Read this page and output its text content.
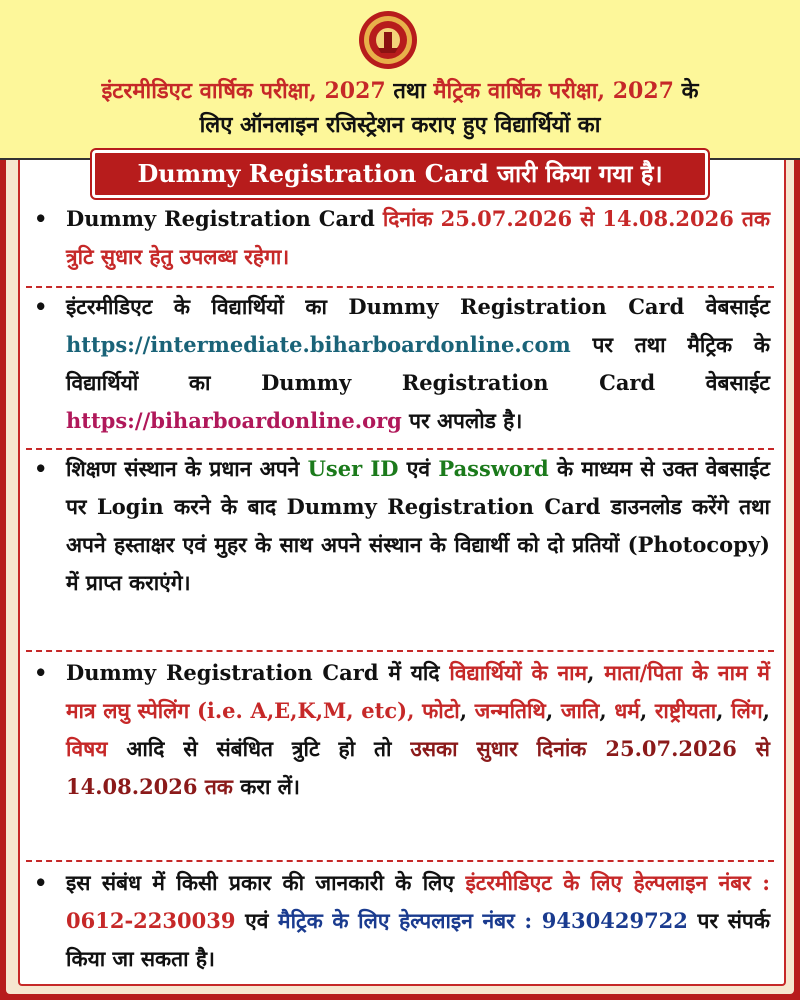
इंटरमीडिएट वार्षिक परीक्षा, 2027 तथा मैट्रिक वार्षिक परीक्षा, 2027 के
लिए ऑनलाइन रजिस्ट्रेशन कराए हुए विद्यार्थियों का
Dummy Registration Card जारी किया गया है।
• Dummy Registration Card दिनांक 25.07.2026 से 14.08.2026 तक त्रुटि सुधार हेतु उपलब्ध रहेगा।
• इंटरमीडिएट के विद्यार्थियों का Dummy Registration Card वेबसाईट https://intermediate.biharboardonline.com पर तथा मैट्रिक के विद्यार्थियों का Dummy Registration Card वेबसाईट https://biharboardonline.org पर अपलोड है।
• शिक्षण संस्थान के प्रधान अपने User ID एवं Password के माध्यम से उक्त वेबसाईट पर Login करने के बाद Dummy Registration Card डाउनलोड करेंगे तथा अपने हस्ताक्षर एवं मुहर के साथ अपने संस्थान के विद्यार्थी को दो प्रतियों (Photocopy) में प्राप्त कराएंगे।
• Dummy Registration Card में यदि विद्यार्थियों के नाम, माता/पिता के नाम में मात्र लघु स्पेलिंग (i.e. A,E,K,M, etc), फोटो, जन्मतिथि, जाति, धर्म, राष्ट्रीयता, लिंग, विषय आदि से संबंधित त्रुटि हो तो उसका सुधार दिनांक 25.07.2026 से 14.08.2026 तक करा लें।
• इस संबंध में किसी प्रकार की जानकारी के लिए इंटरमीडिएट के लिए हेल्पलाइन नंबर : 0612-2230039 एवं मैट्रिक के लिए हेल्पलाइन नंबर : 9430429722 पर संपर्क किया जा सकता है।
